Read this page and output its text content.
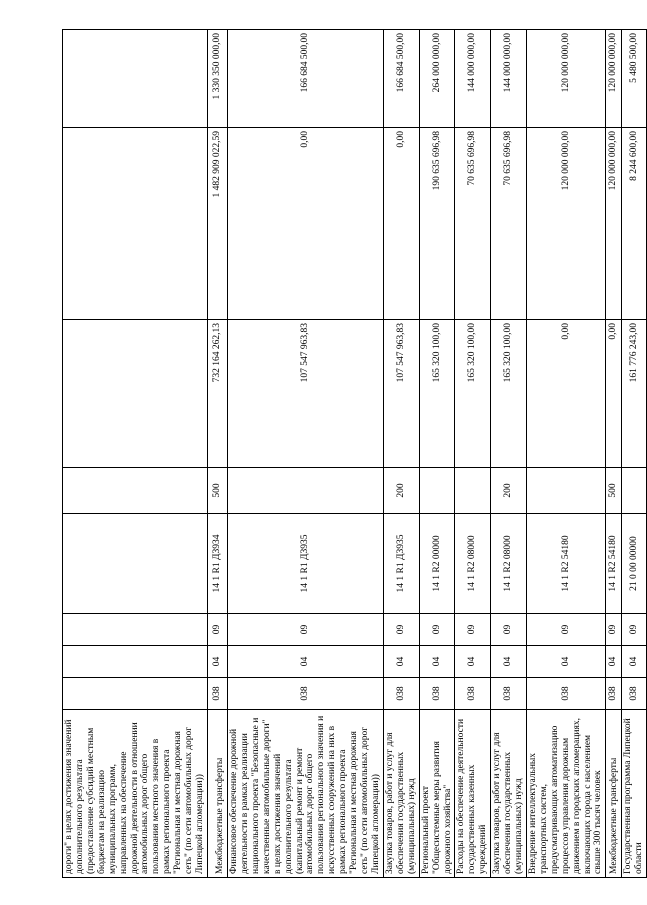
дороги" в целях достижения значений дополнительного результата (предоставление субсидий местным бюджетам на реализацию муниципальных программ, направленных на обеспечение дорожной деятельности в отношении автомобильных дорог общего пользования местного значения в рамках регионального проекта "Региональная и местная дорожная сеть" (по сети автомобильных дорог Липецкой агломерации))								
Межбюджетные трансферты	038	04	09	14 1 R1 Д3934	500	732 164 262,13	1 482 909 022,59	1 330 350 000,00
Финансовое обеспечение дорожной деятельности в рамках реализации национального проекта "Безопасные и качественные автомобильные дороги" в целях достижения значений дополнительного результата (капитальный ремонт и ремонт автомобильных дорог общего пользования регионального значения и искусственных сооружений на них в рамках регионального проекта "Региональная и местная дорожная сеть" (по сети автомобильных дорог Липецкой агломерации))	038	04	09	14 1 R1 Д3935		107 547 963,83	0,00	166 684 500,00
Закупка товаров, работ и услуг для обеспечения государственных (муниципальных) нужд	038	04	09	14 1 R1 Д3935	200	107 547 963,83	0,00	166 684 500,00
Региональный проект "Общесистемные меры развития дорожного хозяйства"	038	04	09	14 1 R2 00000		165 320 100,00	190 635 696,98	264 000 000,00
Расходы на обеспечение деятельности государственных казенных учреждений	038	04	09	14 1 R2 08000		165 320 100,00	70 635 696,98	144 000 000,00
Закупка товаров, работ и услуг для обеспечения государственных (муниципальных) нужд	038	04	09	14 1 R2 08000	200	165 320 100,00	70 635 696,98	144 000 000,00
Внедрение интеллектуальных транспортных систем, предусматривающих автоматизацию процессов управления дорожным движением в городских агломерациях, включающих города с населением свыше 300 тысяч человек	038	04	09	14 1 R2 54180		0,00	120 000 000,00	120 000 000,00
Межбюджетные трансферты	038	04	09	14 1 R2 54180	500	0,00	120 000 000,00	120 000 000,00
Государственная программа Липецкой области	038	04	09	21 0 00 00000		161 776 243,00	8 244 600,00	5 480 500,00
